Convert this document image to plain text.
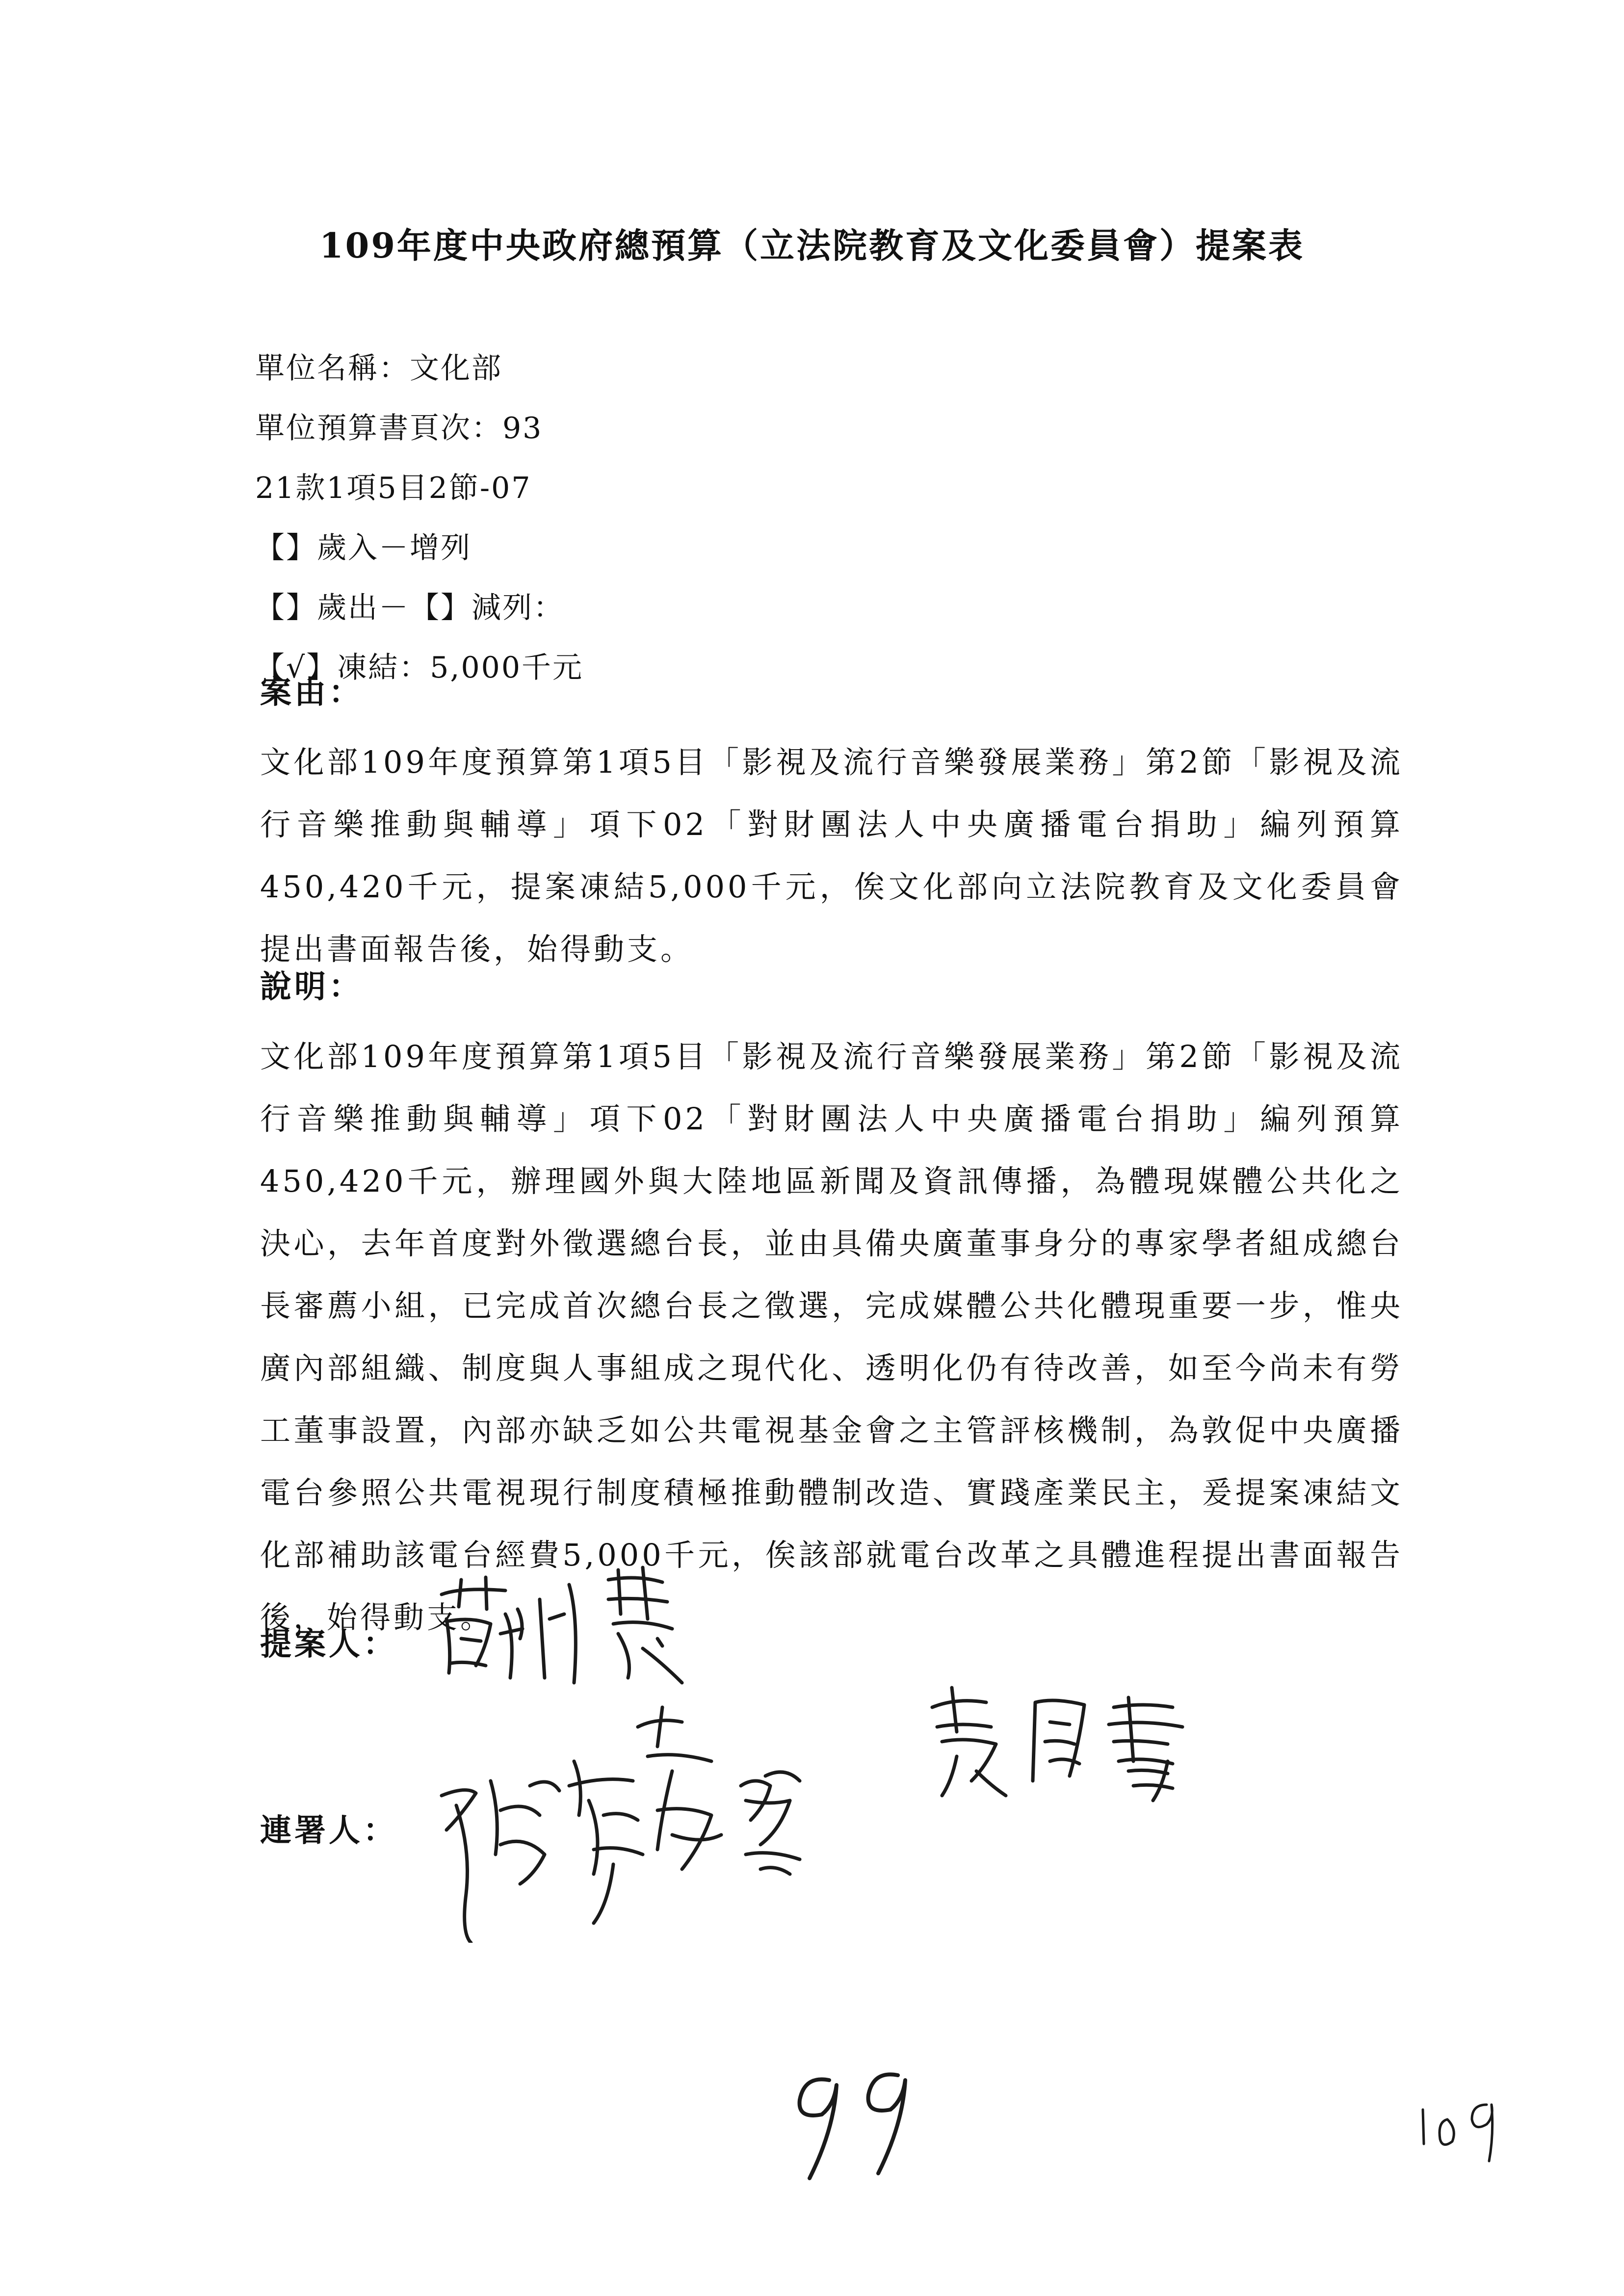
109年度中央政府總預算（立法院教育及文化委員會）提案表
單位名稱：文化部
單位預算書頁次：93
21款1項5目2節-07
【】歲入－增列
【】歲出－【】減列：
【√】凍結：5,000千元
案由：
文化部109年度預算第1項5目「影視及流行音樂發展業務」第2節「影視及流行音樂推動與輔導」項下02「對財團法人中央廣播電台捐助」編列預算450,420千元，提案凍結5,000千元，俟文化部向立法院教育及文化委員會提出書面報告後，始得動支。
說明：
文化部109年度預算第1項5目「影視及流行音樂發展業務」第2節「影視及流行音樂推動與輔導」項下02「對財團法人中央廣播電台捐助」編列預算450,420千元，辦理國外與大陸地區新聞及資訊傳播，為體現媒體公共化之決心，去年首度對外徵選總台長，並由具備央廣董事身分的專家學者組成總台長審薦小組，已完成首次總台長之徵選，完成媒體公共化體現重要一步，惟央廣內部組織、制度與人事組成之現代化、透明化仍有待改善，如至今尚未有勞工董事設置，內部亦缺乏如公共電視基金會之主管評核機制，為敦促中央廣播電台參照公共電視現行制度積極推動體制改造、實踐產業民主，爰提案凍結文化部補助該電台經費5,000千元，俟該部就電台改革之具體進程提出書面報告後，始得動支。
提案人：
連署人：
